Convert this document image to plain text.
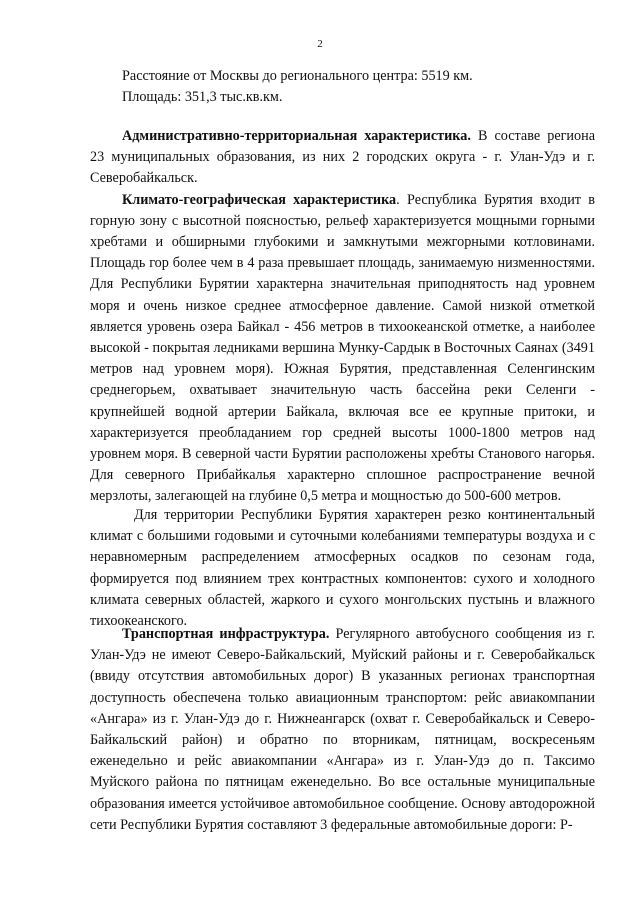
2

Расстояние от Москвы до регионального центра: 5519 км.

Площадь: 351,3 тыс.кв.км.

Административно-территориальная характеристика. В составе региона 23 муниципальных образования, из них 2 городских округа - г. Улан-Удэ и г. Северобайкальск.

Климато-географическая характеристика. Республика Бурятия входит в горную зону с высотной поясностью, рельеф характеризуется мощными горными хребтами и обширными глубокими и замкнутыми межгорными котловинами. Площадь гор более чем в 4 раза превышает площадь, занимаемую низменностями. Для Республики Бурятии характерна значительная приподнятость над уровнем моря и очень низкое среднее атмосферное давление. Самой низкой отметкой является уровень озера Байкал - 456 метров в тихоокеанской отметке, а наиболее высокой - покрытая ледниками вершина Мунку-Сардык в Восточных Саянах (3491 метров над уровнем моря). Южная Бурятия, представленная Селенгинским среднегорьем, охватывает значительную часть бассейна реки Селенги - крупнейшей водной артерии Байкала, включая все ее крупные притоки, и характеризуется преобладанием гор средней высоты 1000-1800 метров над уровнем моря. В северной части Бурятии расположены хребты Станового нагорья. Для северного Прибайкалья характерно сплошное распространение вечной мерзлоты, залегающей на глубине 0,5 метра и мощностью до 500-600 метров.

Для территории Республики Бурятия характерен резко континентальный климат с большими годовыми и суточными колебаниями температуры воздуха и с неравномерным распределением атмосферных осадков по сезонам года, формируется под влиянием трех контрастных компонентов: сухого и холодного климата северных областей, жаркого и сухого монгольских пустынь и влажного тихоокеанского.

Транспортная инфраструктура. Регулярного автобусного сообщения из г. Улан-Удэ не имеют Северо-Байкальский, Муйский районы и г. Северобайкальск (ввиду отсутствия автомобильных дорог) В указанных регионах транспортная доступность обеспечена только авиационным транспортом: рейс авиакомпании «Ангара» из г. Улан-Удэ до г. Нижнеангарск (охват г. Северобайкальск и Северо-Байкальский район) и обратно по вторникам, пятницам, воскресеньям еженедельно и рейс авиакомпании «Ангара» из г. Улан-Удэ до п. Таксимо Муйского района по пятницам еженедельно. Во все остальные муниципальные образования имеется устойчивое автомобильное сообщение. Основу автодорожной сети Республики Бурятия составляют 3 федеральные автомобильные дороги: Р-
